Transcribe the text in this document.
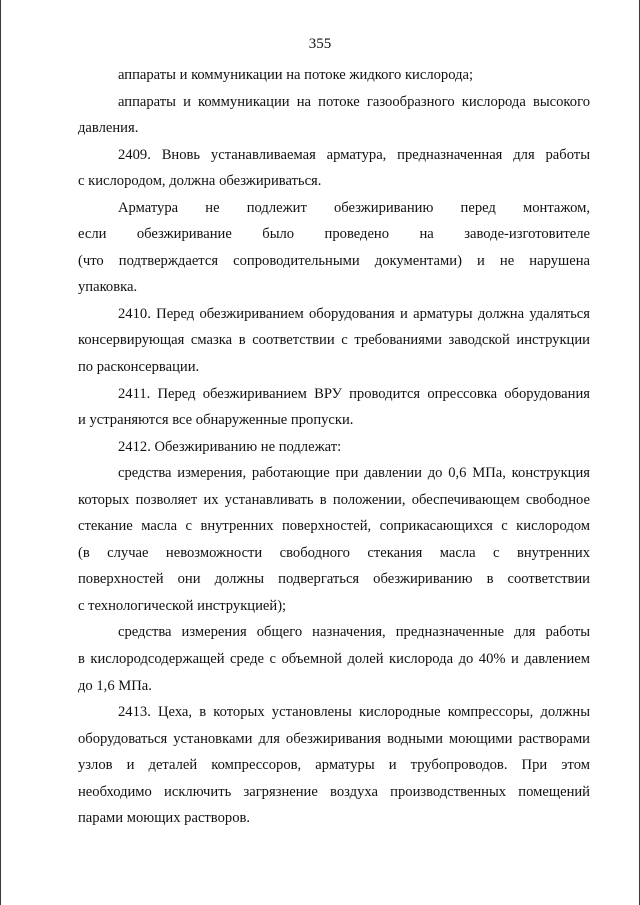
355
аппараты и коммуникации на потоке жидкого кислорода;
аппараты и коммуникации на потоке газообразного кислорода высокого
давления.
2409. Вновь устанавливаемая арматура, предназначенная для работы
с кислородом, должна обезжириваться.
Арматура не подлежит обезжириванию перед монтажом,
если обезжиривание было проведено на заводе-изготовителе
(что подтверждается сопроводительными документами) и не нарушена
упаковка.
2410. Перед обезжириванием оборудования и арматуры должна удаляться
консервирующая смазка в соответствии с требованиями заводской инструкции
по расконсервации.
2411. Перед обезжириванием ВРУ проводится опрессовка оборудования
и устраняются все обнаруженные пропуски.
2412. Обезжириванию не подлежат:
средства измерения, работающие при давлении до 0,6 МПа, конструкция
которых позволяет их устанавливать в положении, обеспечивающем свободное
стекание масла с внутренних поверхностей, соприкасающихся с кислородом
(в случае невозможности свободного стекания масла с внутренних
поверхностей они должны подвергаться обезжириванию в соответствии
с технологической инструкцией);
средства измерения общего назначения, предназначенные для работы
в кислородсодержащей среде с объемной долей кислорода до 40% и давлением
до 1,6 МПа.
2413. Цеха, в которых установлены кислородные компрессоры, должны
оборудоваться установками для обезжиривания водными моющими растворами
узлов и деталей компрессоров, арматуры и трубопроводов. При этом
необходимо исключить загрязнение воздуха производственных помещений
парами моющих растворов.
